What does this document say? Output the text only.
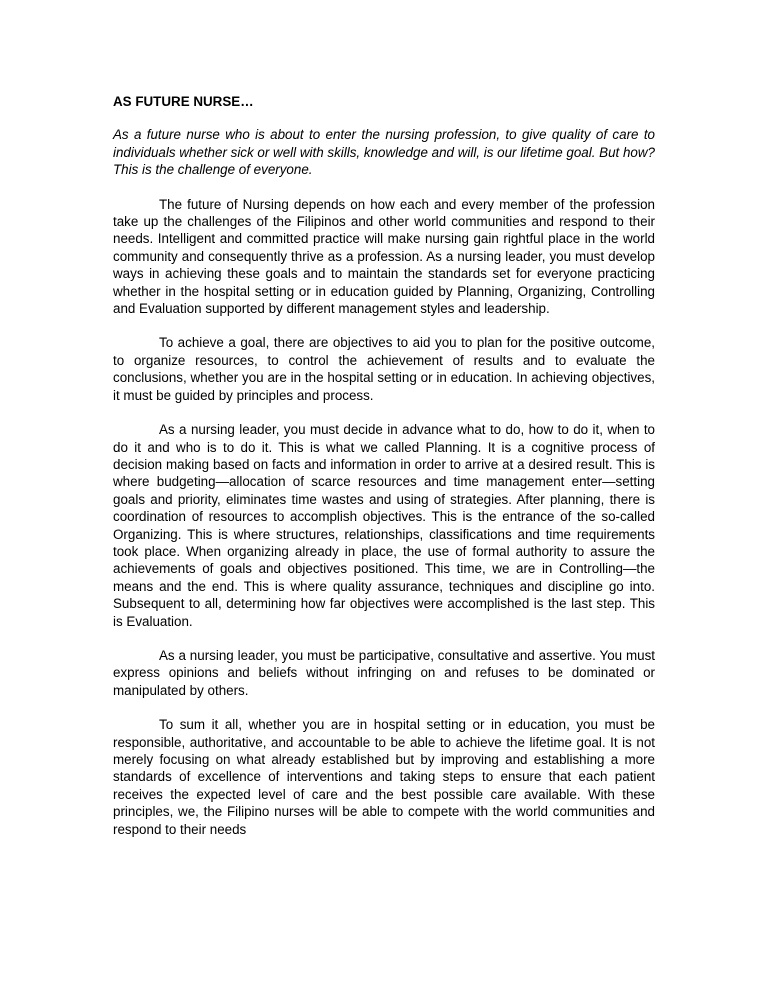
AS FUTURE NURSE…

As a future nurse who is about to enter the nursing profession, to give quality of care to individuals whether sick or well with skills, knowledge and will, is our lifetime goal. But how? This is the challenge of everyone.

The future of Nursing depends on how each and every member of the profession take up the challenges of the Filipinos and other world communities and respond to their needs. Intelligent and committed practice will make nursing gain rightful place in the world community and consequently thrive as a profession. As a nursing leader, you must develop ways in achieving these goals and to maintain the standards set for everyone practicing whether in the hospital setting or in education guided by Planning, Organizing, Controlling and Evaluation supported by different management styles and leadership.

To achieve a goal, there are objectives to aid you to plan for the positive outcome, to organize resources, to control the achievement of results and to evaluate the conclusions, whether you are in the hospital setting or in education. In achieving objectives, it must be guided by principles and process.

As a nursing leader, you must decide in advance what to do, how to do it, when to do it and who is to do it. This is what we called Planning. It is a cognitive process of decision making based on facts and information in order to arrive at a desired result. This is where budgeting—allocation of scarce resources and time management enter—setting goals and priority, eliminates time wastes and using of strategies. After planning, there is coordination of resources to accomplish objectives. This is the entrance of the so-called Organizing. This is where structures, relationships, classifications and time requirements took place. When organizing already in place, the use of formal authority to assure the achievements of goals and objectives positioned. This time, we are in Controlling—the means and the end. This is where quality assurance, techniques and discipline go into. Subsequent to all, determining how far objectives were accomplished is the last step. This is Evaluation.

As a nursing leader, you must be participative, consultative and assertive. You must express opinions and beliefs without infringing on and refuses to be dominated or manipulated by others.

To sum it all, whether you are in hospital setting or in education, you must be responsible, authoritative, and accountable to be able to achieve the lifetime goal. It is not merely focusing on what already established but by improving and establishing a more standards of excellence of interventions and taking steps to ensure that each patient receives the expected level of care and the best possible care available. With these principles, we, the Filipino nurses will be able to compete with the world communities and respond to their needs
